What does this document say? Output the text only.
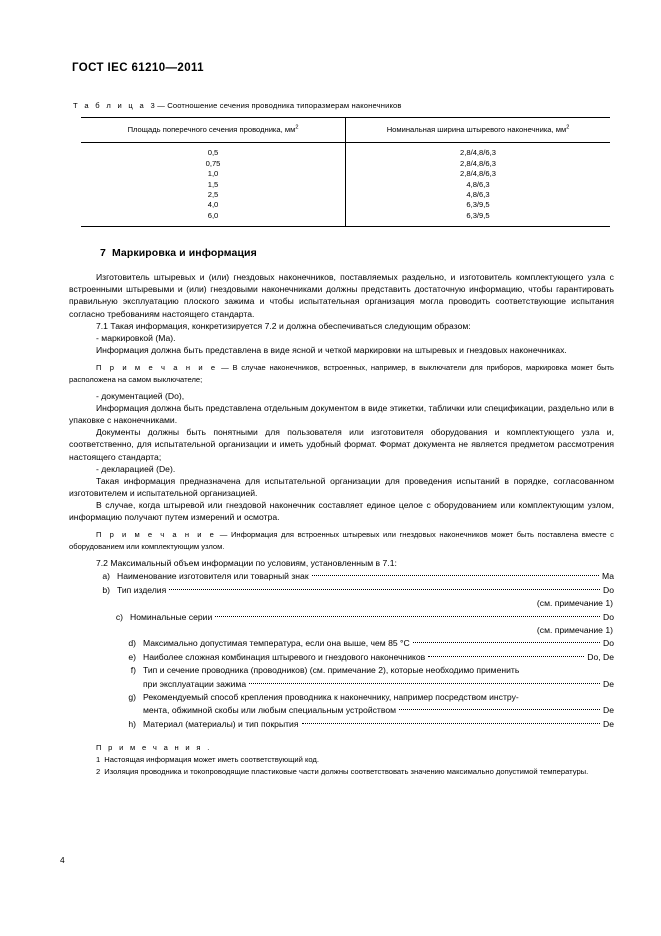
ГОСТ IEC 61210—2011
Т а б л и ц а 3 — Соотношение сечения проводника типоразмерам наконечников
Площадь поперечного сечения проводника, $мм^2$	Номинальная ширина штыревого наконечника, $мм^2$
0,5	2,8/4,8/6,3
0,75	2,8/4,8/6,3
1,0	2,8/4,8/6,3
1,5	4,8/6,3
2,5	4,8/6,3
4,0	6,3/9,5
6,0	6,3/9,5

7 Маркировка и информация

Изготовитель штыревых и (или) гнездовых наконечников, поставляемых раздельно, и изготовитель комплектующего узла с встроенными штыревыми и (или) гнездовыми наконечниками должны представить достаточную информацию, чтобы гарантировать правильную эксплуатацию плоского зажима и чтобы испытательная организация могла проводить соответствующие испытания согласно требованиям настоящего стандарта.

7.1 Такая информация, конкретизируется 7.2 и должна обеспечиваться следующим образом:

- маркировкой (Ма).

Информация должна быть представлена в виде ясной и четкой маркировки на штыревых и гнездовых наконечниках.

П р и м е ч а н и е — В случае наконечников, встроенных, например, в выключатели для приборов, маркировка может быть расположена на самом выключателе;

- документацией (Do),

Информация должна быть представлена отдельным документом в виде этикетки, таблички или спецификации, раздельно или в упаковке с наконечниками.

Документы должны быть понятными для пользователя или изготовителя оборудования и комплектующего узла и, соответственно, для испытательной организации и иметь удобный формат. Формат документа не является предметом рассмотрения настоящего стандарта;

- декларацией (De).

Такая информация предназначена для испытательной организации для проведения испытаний в порядке, согласованном изготовителем и испытательной организацией.

В случае, когда штыревой или гнездовой наконечник составляет единое целое с оборудованием или комплектующим узлом, информацию получают путем измерений и осмотра.

П р и м е ч а н и е — Информация для встроенных штыревых или гнездовых наконечников может быть поставлена вместе с оборудованием или комплектующим узлом.

7.2 Максимальный объем информации по условиям, установленным в 7.1:

a) Наименование изготовителя или товарный знак	Ма
b) Тип изделия	Do
(см. примечание 1)
c) Номинальные серии	Do
(см. примечание 1)
d) Максимально допустимая температура, если она выше, чем 85 °С	Do
e) Наиболее сложная комбинация штыревого и гнездового наконечников	Do, De
f) Тип и сечение проводника (проводников) (см. примечание 2), которые необходимо применить
при эксплуатации зажима	De
g) Рекомендуемый способ крепления проводника к наконечнику, например посредством инстру-
мента, обжимной скобы или любым специальным устройством	De
h) Материал (материалы) и тип покрытия	De
П р и м е ч а н и я .

1 Настоящая информация может иметь соответствующий код.

2 Изоляция проводника и токопроводящие пластиковые части должны соответствовать значению максимально допустимой температуры.

4
